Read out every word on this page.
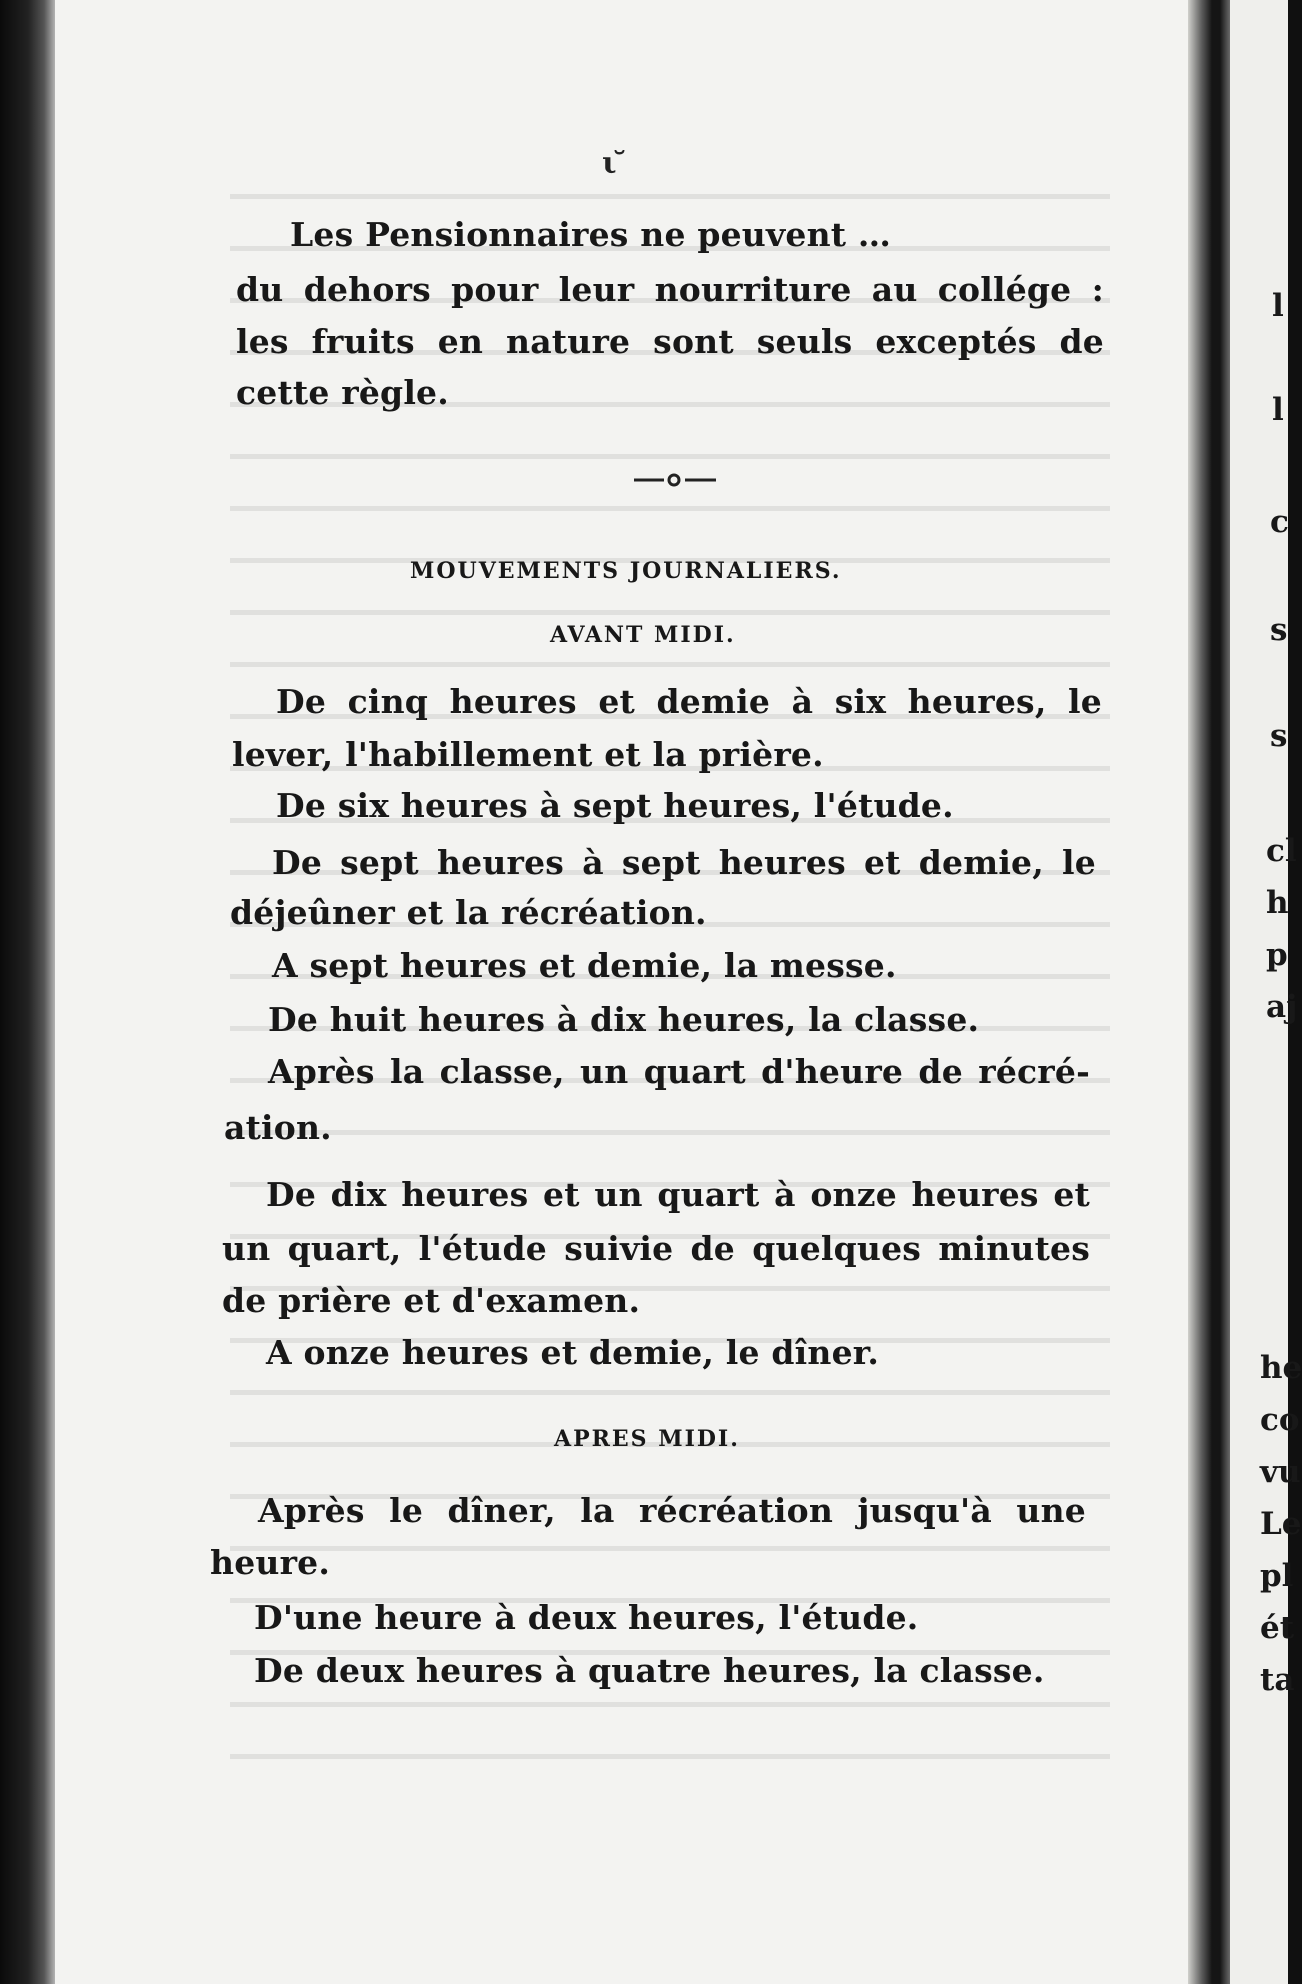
ι ̆
Les Pensionnaires ne peuvent …
du dehors pour leur nourriture au collége :
les fruits en nature sont seuls exceptés de
cette règle.
MOUVEMENTS JOURNALIERS.
AVANT MIDI.
De cinq heures et demie à six heures, le
lever, l'habillement et la prière.
De six heures à sept heures, l'étude.
De sept heures à sept heures et demie, le
déjeûner et la récréation.
A sept heures et demie, la messe.
De huit heures à dix heures, la classe.
Après la classe, un quart d'heure de récré-
ation.
De dix heures et un quart à onze heures et
un quart, l'étude suivie de quelques minutes
de prière et d'examen.
A onze heures et demie, le dîner.
APRES MIDI.
Après le dîner, la récréation jusqu'à une
heure.
D'une heure à deux heures, l'étude.
De deux heures à quatre heures, la classe.
l
l
c
s
s
cl
h
p
aj
he
co
vu
Le
pl
ét
ta
